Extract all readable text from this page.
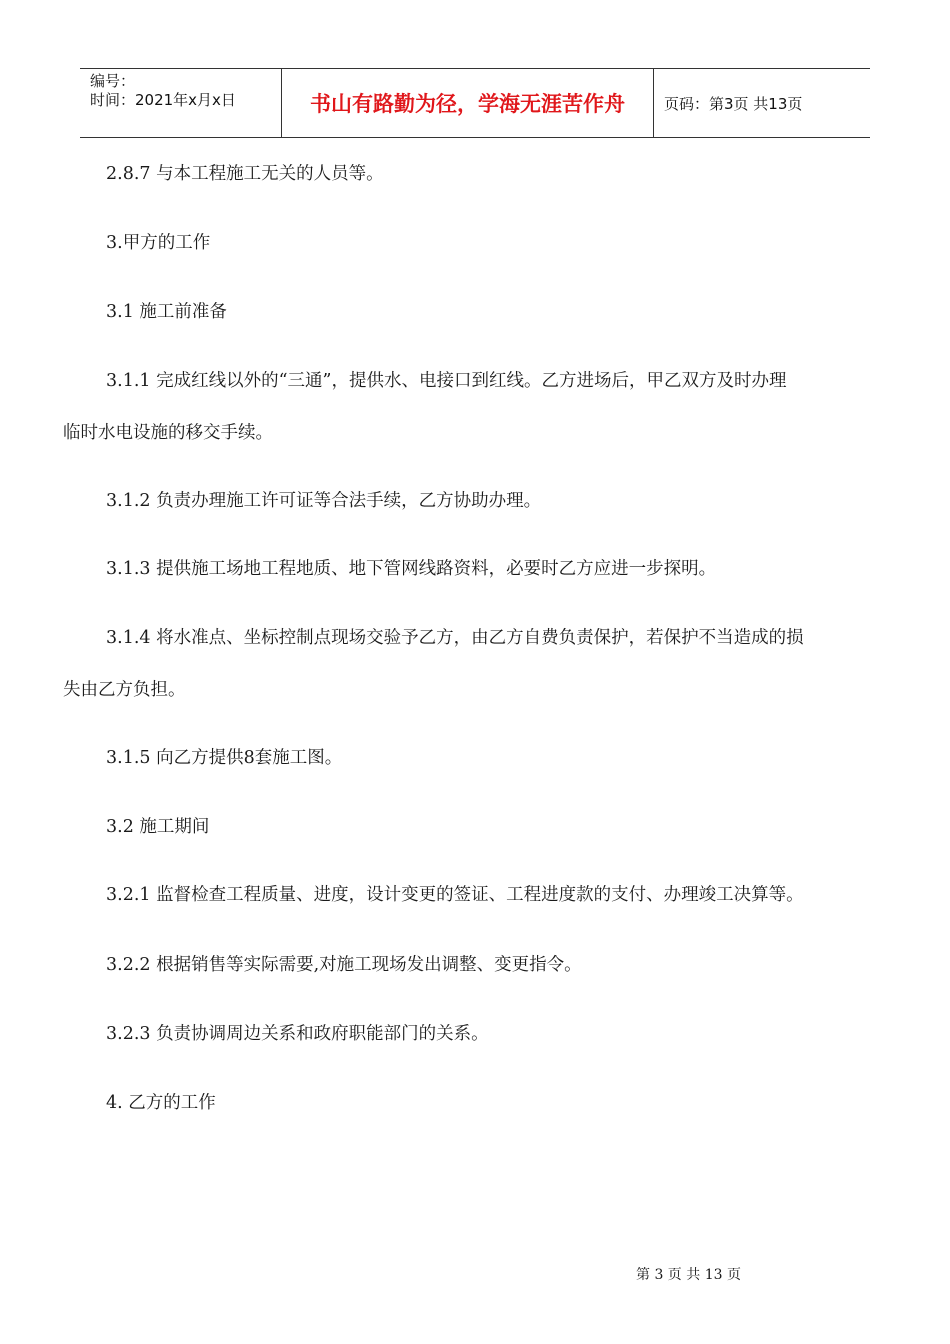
编号：
时间：2021年x月x日	书山有路勤为径，学海无涯苦作舟	页码：第3页 共13页

2.8.7 与本工程施工无关的人员等。

3.甲方的工作

3.1 施工前准备

3.1.1 完成红线以外的“三通”，提供水、电接口到红线。乙方进场后，甲乙双方及时办理
临时水电设施的移交手续。

3.1.2 负责办理施工许可证等合法手续，乙方协助办理。

3.1.3 提供施工场地工程地质、地下管网线路资料，必要时乙方应进一步探明。

3.1.4 将水准点、坐标控制点现场交验予乙方，由乙方自费负责保护，若保护不当造成的损
失由乙方负担。

3.1.5 向乙方提供8套施工图。

3.2 施工期间

3.2.1 监督检查工程质量、进度，设计变更的签证、工程进度款的支付、办理竣工决算等。

3.2.2 根据销售等实际需要,对施工现场发出调整、变更指令。

3.2.3 负责协调周边关系和政府职能部门的关系。

4. 乙方的工作

第 3 页 共 13 页
